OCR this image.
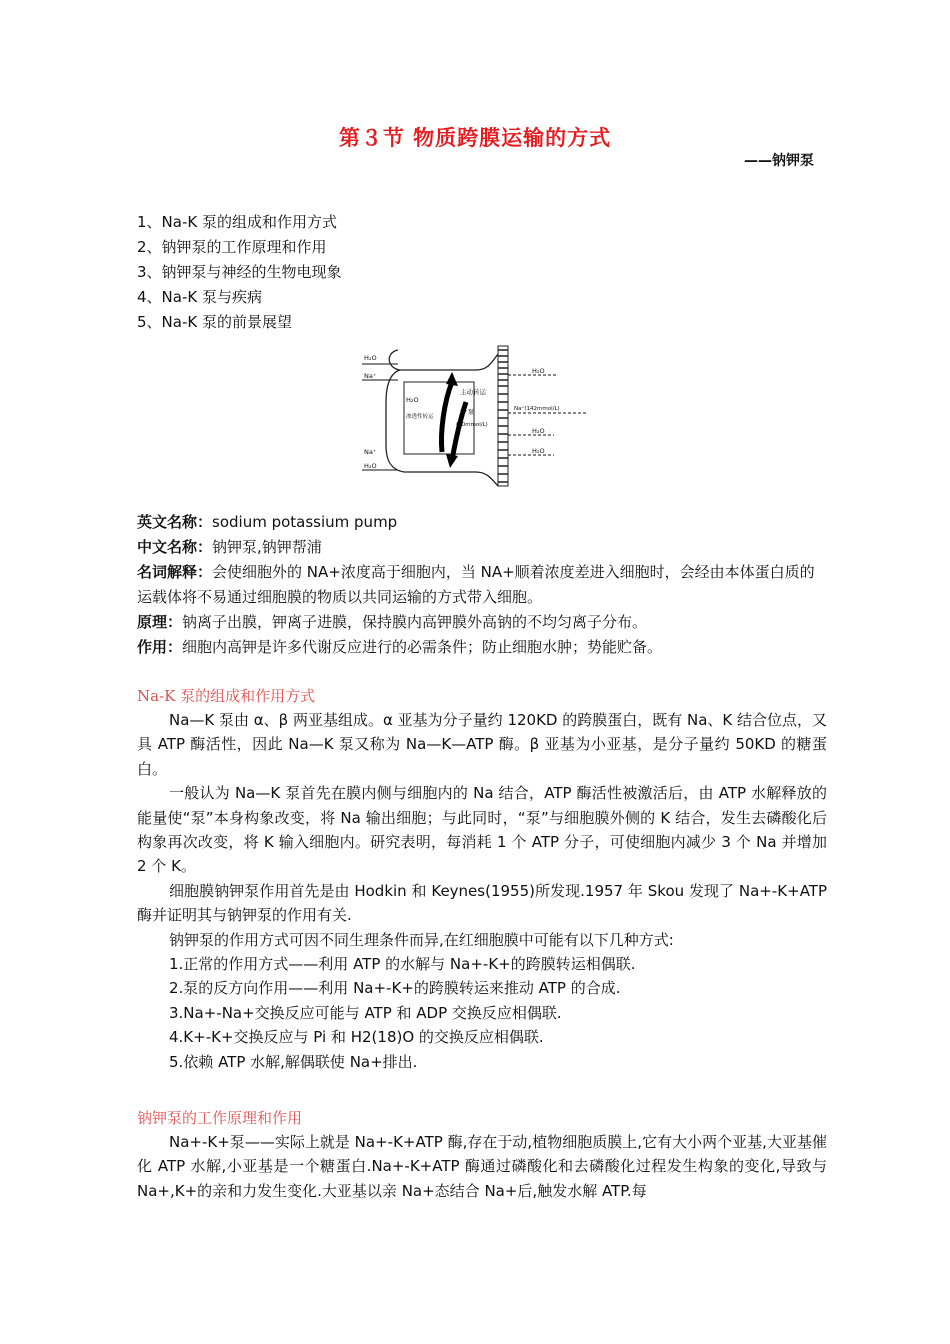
第３节 物质跨膜运输的方式
——钠钾泵
1、Na-K 泵的组成和作用方式
2、钠钾泵的工作原理和作用
3、钠钾泵与神经的生物电现象
4、Na-K 泵与疾病
5、Na-K 泵的前景展望
H₂O
Na⁺
H₂O
Na⁺
H₂O
主动转运
K⁺泵	Na⁺(142mmol/L)
H₂O
H₂O
H₂O
(10mmol/L)
渗透性转运

英文名称：sodium potassium pump

中文名称：钠钾泵,钠钾帮浦

名词解释：会使细胞外的 NA+浓度高于细胞内，当 NA+顺着浓度差进入细胞时，会经由本体蛋白质的运载体将不易通过细胞膜的物质以共同运输的方式带入细胞。

原理：钠离子出膜，钾离子进膜，保持膜内高钾膜外高钠的不均匀离子分布。

作用：细胞内高钾是许多代谢反应进行的必需条件；防止细胞水肿；势能贮备。

Na-K 泵的组成和作用方式

Na—K 泵由 α、β 两亚基组成。α 亚基为分子量约 120KD 的跨膜蛋白，既有 Na、K 结合位点，又具 ATP 酶活性，因此 Na—K 泵又称为 Na—K—ATP 酶。β 亚基为小亚基，是分子量约 50KD 的糖蛋白。

一般认为 Na—K 泵首先在膜内侧与细胞内的 Na 结合，ATP 酶活性被激活后，由 ATP 水解释放的能量使“泵”本身构象改变，将 Na 输出细胞；与此同时，“泵”与细胞膜外侧的 K 结合，发生去磷酸化后构象再次改变，将 K 输入细胞内。研究表明，每消耗 1 个 ATP 分子，可使细胞内减少 3 个 Na 并增加 2 个 K。

细胞膜钠钾泵作用首先是由 Hodkin 和 Keynes(1955)所发现.1957 年 Skou 发现了 Na+-K+ATP 酶并证明其与钠钾泵的作用有关.

钠钾泵的作用方式可因不同生理条件而异,在红细胞膜中可能有以下几种方式:

1.正常的作用方式——利用 ATP 的水解与 Na+-K+的跨膜转运相偶联.

2.泵的反方向作用——利用 Na+-K+的跨膜转运来推动 ATP 的合成.

3.Na+-Na+交换反应可能与 ATP 和 ADP 交换反应相偶联.

4.K+-K+交换反应与 Pi 和 H2(18)O 的交换反应相偶联.

5.依赖 ATP 水解,解偶联使 Na+排出.

钠钾泵的工作原理和作用

Na+-K+泵——实际上就是 Na+-K+ATP 酶,存在于动,植物细胞质膜上,它有大小两个亚基,大亚基催化 ATP 水解,小亚基是一个糖蛋白.Na+-K+ATP 酶通过磷酸化和去磷酸化过程发生构象的变化,导致与 Na+,K+的亲和力发生变化.大亚基以亲 Na+态结合 Na+后,触发水解 ATP.每
